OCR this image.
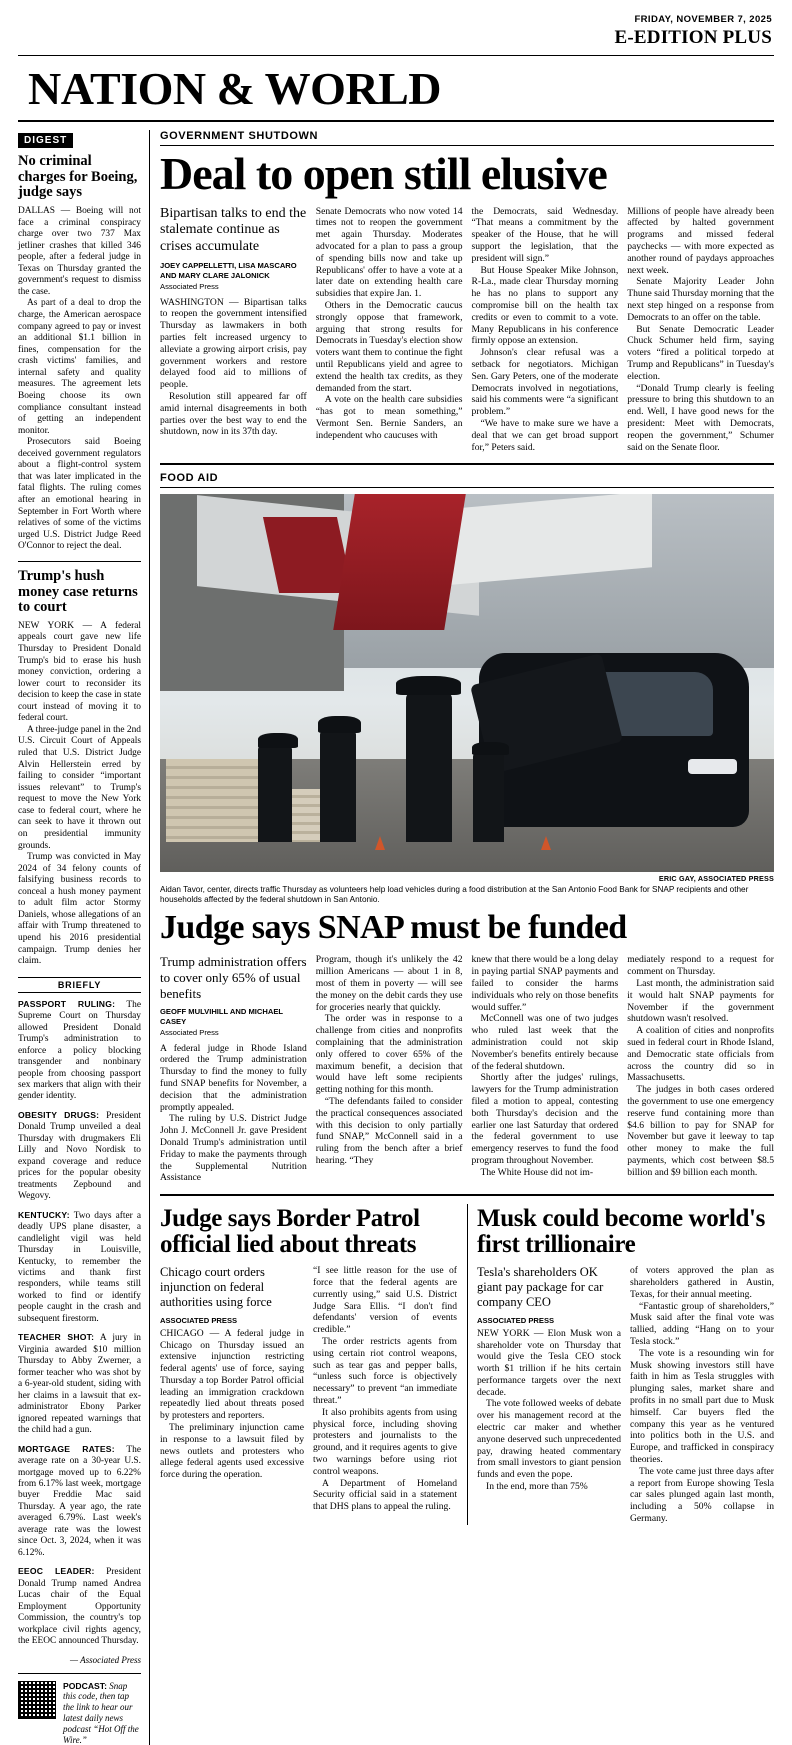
FRIDAY, NOVEMBER 7, 2025
E-EDITION PLUS
NATION & WORLD
DIGEST
No criminal charges for Boeing, judge says

DALLAS — Boeing will not face a criminal conspiracy charge over two 737 Max jetliner crashes that killed 346 people, after a federal judge in Texas on Thursday granted the government's request to dismiss the case.

As part of a deal to drop the charge, the American aerospace company agreed to pay or invest an additional $1.1 billion in fines, compensation for the crash victims' families, and internal safety and quality measures. The agreement lets Boeing choose its own compliance consultant instead of getting an independent monitor.

Prosecutors said Boeing deceived government regulators about a flight-control system that was later implicated in the fatal flights. The ruling comes after an emotional hearing in September in Fort Worth where relatives of some of the victims urged U.S. District Judge Reed O'Connor to reject the deal.

Trump's hush money case returns to court

NEW YORK — A federal appeals court gave new life Thursday to President Donald Trump's bid to erase his hush money conviction, ordering a lower court to reconsider its decision to keep the case in state court instead of moving it to federal court.

A three-judge panel in the 2nd U.S. Circuit Court of Appeals ruled that U.S. District Judge Alvin Hellerstein erred by failing to consider “important issues relevant” to Trump's request to move the New York case to federal court, where he can seek to have it thrown out on presidential immunity grounds.

Trump was convicted in May 2024 of 34 felony counts of falsifying business records to conceal a hush money payment to adult film actor Stormy Daniels, whose allegations of an affair with Trump threatened to upend his 2016 presidential campaign. Trump denies her claim.

BRIEFLY

PASSPORT RULING: The Supreme Court on Thursday allowed President Donald Trump's administration to enforce a policy blocking transgender and nonbinary people from choosing passport sex markers that align with their gender identity.

OBESITY DRUGS: President Donald Trump unveiled a deal Thursday with drugmakers Eli Lilly and Novo Nordisk to expand coverage and reduce prices for the popular obesity treatments Zepbound and Wegovy.

KENTUCKY: Two days after a deadly UPS plane disaster, a candlelight vigil was held Thursday in Louisville, Kentucky, to remember the victims and thank first responders, while teams still worked to find or identify people caught in the crash and subsequent firestorm.

TEACHER SHOT: A jury in Virginia awarded $10 million Thursday to Abby Zwerner, a former teacher who was shot by a 6-year-old student, siding with her claims in a lawsuit that ex-administrator Ebony Parker ignored repeated warnings that the child had a gun.

MORTGAGE RATES: The average rate on a 30-year U.S. mortgage moved up to 6.22% from 6.17% last week, mortgage buyer Freddie Mac said Thursday. A year ago, the rate averaged 6.79%. Last week's average rate was the lowest since Oct. 3, 2024, when it was 6.12%.

EEOC LEADER: President Donald Trump named Andrea Lucas chair of the Equal Employment Opportunity Commission, the country's top workplace civil rights agency, the EEOC announced Thursday.

— Associated Press
PODCAST: Snap this code, then tap the link to hear our latest daily news podcast “Hot Off the Wire.”
GOVERNMENT SHUTDOWN
Deal to open still elusive
Bipartisan talks to end the stalemate continue as crises accumulate
JOEY CAPPELLETTI, LISA MASCARO AND MARY CLARE JALONICK
Associated Press

WASHINGTON — Bipartisan talks to reopen the government intensified Thursday as lawmakers in both parties felt increased urgency to alleviate a growing airport crisis, pay government workers and restore delayed food aid to millions of people.

Resolution still appeared far off amid internal disagreements in both parties over the best way to end the shutdown, now in its 37th day.

Senate Democrats who now voted 14 times not to reopen the government met again Thursday. Moderates advocated for a plan to pass a group of spending bills now and take up Republicans' offer to have a vote at a later date on extending health care subsidies that expire Jan. 1.

Others in the Democratic caucus strongly oppose that framework, arguing that strong results for Democrats in Tuesday's election show voters want them to continue the fight until Republicans yield and agree to extend the health tax credits, as they demanded from the start.

A vote on the health care subsidies “has got to mean something,” Vermont Sen. Bernie Sanders, an independent who caucuses with

the Democrats, said Wednesday. “That means a commitment by the speaker of the House, that he will support the legislation, that the president will sign.”

But House Speaker Mike Johnson, R-La., made clear Thursday morning he has no plans to support any compromise bill on the health tax credits or even to commit to a vote. Many Republicans in his conference firmly oppose an extension.

Johnson's clear refusal was a setback for negotiators. Michigan Sen. Gary Peters, one of the moderate Democrats involved in negotiations, said his comments were “a significant problem.”

“We have to make sure we have a deal that we can get broad support for,” Peters said.

Millions of people have already been affected by halted government programs and missed federal paychecks — with more expected as another round of paydays approaches next week.

Senate Majority Leader John Thune said Thursday morning that the next step hinged on a response from Democrats to an offer on the table.

But Senate Democratic Leader Chuck Schumer held firm, saying voters “fired a political torpedo at Trump and Republicans” in Tuesday's election.

“Donald Trump clearly is feeling pressure to bring this shutdown to an end. Well, I have good news for the president: Meet with Democrats, reopen the government,” Schumer said on the Senate floor.

FOOD AID
ERIC GAY, ASSOCIATED PRESS
Aidan Tavor, center, directs traffic Thursday as volunteers help load vehicles during a food distribution at the San Antonio Food Bank for SNAP recipients and other households affected by the federal shutdown in San Antonio.
Judge says SNAP must be funded
Trump administration offers to cover only 65% of usual benefits
GEOFF MULVIHILL AND MICHAEL CASEY
Associated Press

A federal judge in Rhode Island ordered the Trump administration Thursday to find the money to fully fund SNAP benefits for November, a decision that the administration promptly appealed.

The ruling by U.S. District Judge John J. McConnell Jr. gave President Donald Trump's administration until Friday to make the payments through the Supplemental Nutrition Assistance

Program, though it's unlikely the 42 million Americans — about 1 in 8, most of them in poverty — will see the money on the debit cards they use for groceries nearly that quickly.

The order was in response to a challenge from cities and nonprofits complaining that the administration only offered to cover 65% of the maximum benefit, a decision that would have left some recipients getting nothing for this month.

“The defendants failed to consider the practical consequences associated with this decision to only partially fund SNAP,” McConnell said in a ruling from the bench after a brief hearing. “They

knew that there would be a long delay in paying partial SNAP payments and failed to consider the harms individuals who rely on those benefits would suffer.”

McConnell was one of two judges who ruled last week that the administration could not skip November's benefits entirely because of the federal shutdown.

Shortly after the judges' rulings, lawyers for the Trump administration filed a motion to appeal, contesting both Thursday's decision and the earlier one last Saturday that ordered the federal government to use emergency reserves to fund the food program throughout November.

The White House did not im-

mediately respond to a request for comment on Thursday.

Last month, the administration said it would halt SNAP payments for November if the government shutdown wasn't resolved.

A coalition of cities and nonprofits sued in federal court in Rhode Island, and Democratic state officials from across the country did so in Massachusetts.

The judges in both cases ordered the government to use one emergency reserve fund containing more than $4.6 billion to pay for SNAP for November but gave it leeway to tap other money to make the full payments, which cost between $8.5 billion and $9 billion each month.

Judge says Border Patrol official lied about threats
Chicago court orders injunction on federal authorities using force
ASSOCIATED PRESS

CHICAGO — A federal judge in Chicago on Thursday issued an extensive injunction restricting federal agents' use of force, saying Thursday a top Border Patrol official leading an immigration crackdown repeatedly lied about threats posed by protesters and reporters.

The preliminary injunction came in response to a lawsuit filed by news outlets and protesters who allege federal agents used excessive force during the operation.

“I see little reason for the use of force that the federal agents are currently using,” said U.S. District Judge Sara Ellis. “I don't find defendants' version of events credible.”

The order restricts agents from using certain riot control weapons, such as tear gas and pepper balls, “unless such force is objectively necessary” to prevent “an immediate threat.”

It also prohibits agents from using physical force, including shoving protesters and journalists to the ground, and it requires agents to give two warnings before using riot control weapons.

A Department of Homeland Security official said in a statement that DHS plans to appeal the ruling.

Musk could become world's first trillionaire
Tesla's shareholders OK giant pay package for car company CEO
ASSOCIATED PRESS

NEW YORK — Elon Musk won a shareholder vote on Thursday that would give the Tesla CEO stock worth $1 trillion if he hits certain performance targets over the next decade.

The vote followed weeks of debate over his management record at the electric car maker and whether anyone deserved such unprecedented pay, drawing heated commentary from small investors to giant pension funds and even the pope.

In the end, more than 75%

of voters approved the plan as shareholders gathered in Austin, Texas, for their annual meeting.

“Fantastic group of shareholders,” Musk said after the final vote was tallied, adding “Hang on to your Tesla stock.”

The vote is a resounding win for Musk showing investors still have faith in him as Tesla struggles with plunging sales, market share and profits in no small part due to Musk himself. Car buyers fled the company this year as he ventured into politics both in the U.S. and Europe, and trafficked in conspiracy theories.

The vote came just three days after a report from Europe showing Tesla car sales plunged again last month, including a 50% collapse in Germany.
